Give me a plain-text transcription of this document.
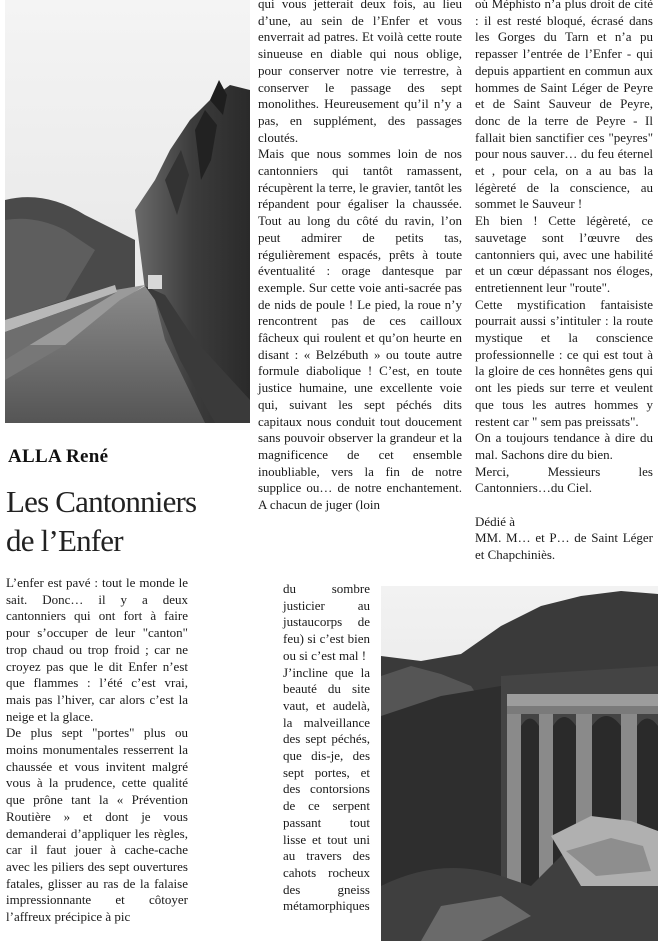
ALLA René
Les Cantonniers
de l’Enfer

L’enfer est pavé : tout le monde le sait. Donc… il y a deux cantonniers qui ont fort à faire pour s’occuper de leur "canton" trop chaud ou trop froid ; car ne croyez pas que le dit Enfer n’est que flammes : l’été c’est vrai, mais pas l’hiver, car alors c’est la neige et la glace.

De plus sept "portes" plus ou moins monumentales resserrent la chaussée et vous invitent malgré vous à la prudence, cette qualité que prône tant la « Prévention Routière » et dont je vous demanderai d’appliquer les règles, car il faut jouer à cache-cache avec les piliers des sept ouvertures fatales, glisser au ras de la falaise impressionnante et côtoyer l’affreux précipice à pic

qui vous jetterait deux fois, au lieu d’une, au sein de l’Enfer et vous enverrait ad patres. Et voilà cette route sinueuse en diable qui nous oblige, pour conserver notre vie terrestre, à conserver le passage des sept monolithes. Heureusement qu’il n’y a pas, en supplément, des passages cloutés.

Mais que nous sommes loin de nos cantonniers qui tantôt ramassent, récupèrent la terre, le gravier, tantôt les répandent pour égaliser la chaussée. Tout au long du côté du ravin, l’on peut admirer de petits tas, régulièrement espacés, prêts à toute éventualité : orage dantesque par exemple. Sur cette voie anti-sacrée pas de nids de poule ! Le pied, la roue n’y rencontrent pas de ces cailloux fâcheux qui roulent et qu’on heurte en disant : « Belzébuth » ou toute autre formule diabolique ! C’est, en toute justice humaine, une excellente voie qui, suivant les sept péchés dits capitaux nous conduit tout doucement sans pouvoir observer la grandeur et la magnificence de cet ensemble inoubliable, vers la fin de notre supplice ou… de notre enchantement. A chacun de juger (loin

du sombre justicier au justaucorps de feu) si c’est bien ou si c’est mal !

J’incline que la beauté du site vaut, et audelà, la malveillance des sept péchés, que dis-je, des sept portes, et des contorsions de ce serpent passant tout lisse et tout uni au travers des cahots rocheux des gneiss métamorphiques

où Méphisto n’a plus droit de cité : il est resté bloqué, écrasé dans les Gorges du Tarn et n’a pu repasser l’entrée de l’Enfer - qui depuis appartient en commun aux hommes de Saint Léger de Peyre et de Saint Sauveur de Peyre, donc de la terre de Peyre - Il fallait bien sanctifier ces "peyres" pour nous sauver… du feu éternel et , pour cela, on a au bas la légèreté de la conscience, au sommet le Sauveur !

Eh bien ! Cette légèreté, ce sauvetage sont l’œuvre des cantonniers qui, avec une habilité et un cœur dépassant nos éloges, entretiennent leur "route".

Cette mystification fantaisiste pourrait aussi s’intituler : la route mystique et la conscience professionnelle : ce qui est tout à la gloire de ces honnêtes gens qui ont les pieds sur terre et veulent que tous les autres hommes y restent car " sem pas preissats".

On a toujours tendance à dire du mal. Sachons dire du bien.

Merci, Messieurs les Cantonniers…du Ciel.

Dédié à

MM. M… et P… de Saint Léger et Chapchiniès.
